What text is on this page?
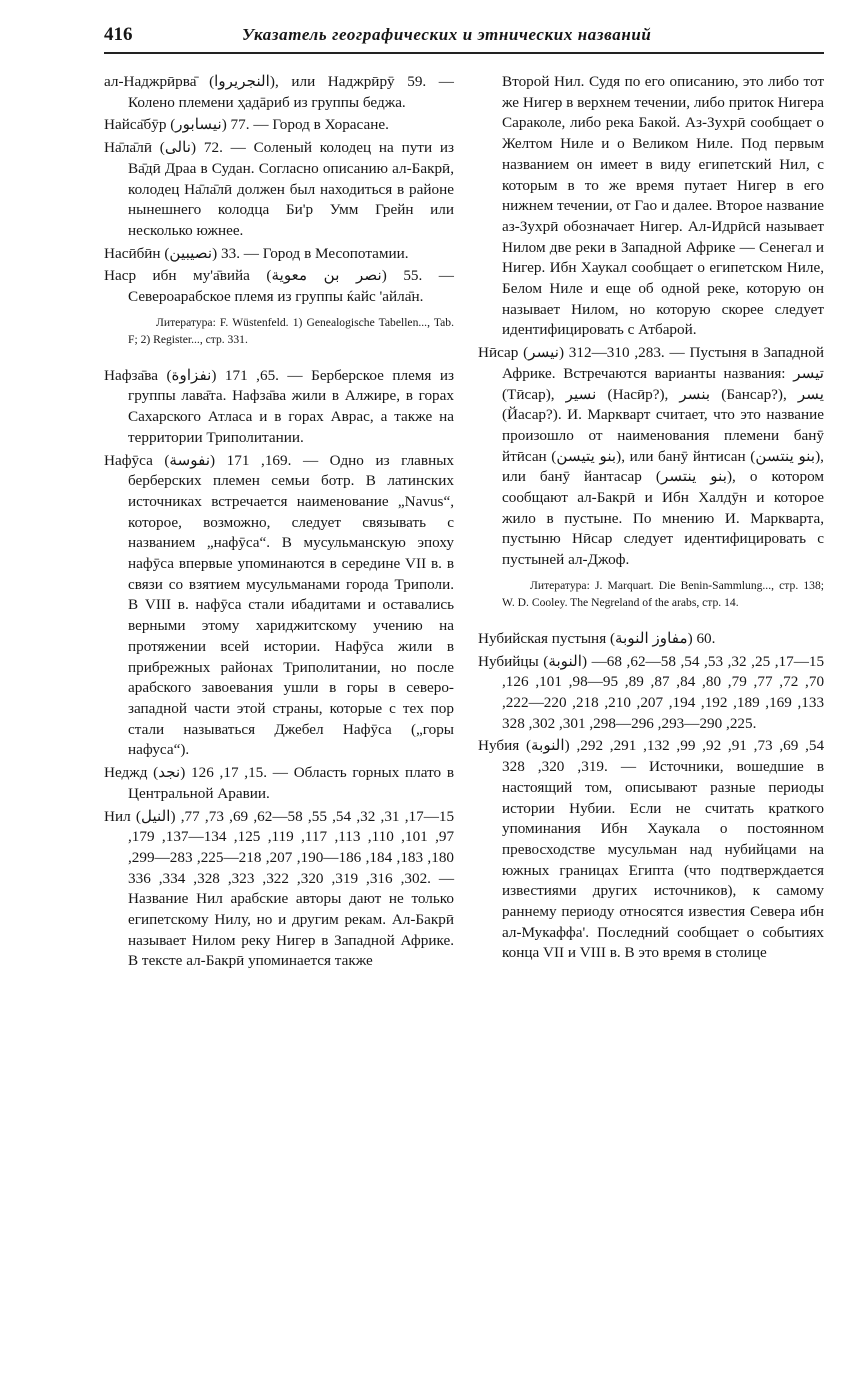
416	Указатель географических и этнических названий

ал-Наджрӣрва̄ (النجريروا), или Наджрӣрӯ 59. — Колено племени ҳадāриб из группы беджа.

Найса̄бӯр (نيسابور) 77. — Город в Хорасане.

На̄ла̄лӣ (نالى) 72. — Соленый колодец на пути из Ва̄дӣ Драа в Судан. Согласно описанию ал-Бакрӣ, колодец На̄ла̄лӣ должен был находиться в районе нынешнего колодца Би'р Умм Грейн или несколько южнее.

Насӣбӣн (نصيبين) 33. — Город в Месопотамии.

Наср ибн му'а̄вийа (نصر بن معوية) 55. — Североарабское племя из группы ќайс 'айла̄н.

Литература: F. Wüstenfeld. 1) Genealogische Tabellen..., Tab. F; 2) Register..., стр. 331.

Нафза̄ва (نفزاوة) 65, 171. — Берберское племя из группы лава̄та. Нафза̄ва жили в Алжире, в горах Сахарского Атласа и в горах Аврас, а также на территории Триполитании.

Нафӯса (نفوسة) 169, 171. — Одно из главных берберских племен семьи ботр. В латинских источниках встречается наименование „Navus“, которое, возможно, следует связывать с названием „нафӯса“. В мусульманскую эпоху нафӯса впервые упоминаются в середине VII в. в связи со взятием мусульманами города Триполи. В VIII в. нафӯса стали ибадитами и оставались верными этому хариджитскому учению на протяжении всей истории. Нафӯса жили в прибрежных районах Триполитании, но после арабского завоевания ушли в горы в северо-западной части этой страны, которые с тех пор стали называться Джебел Нафӯса („горы нафуса“).

Неджд (نجد) 15, 17, 126. — Область горных плато в Центральной Аравии.

Нил (النيل) 15—17, 31, 32, 54, 55, 58—62, 69, 73, 77, 97, 101, 110, 113, 117, 119, 125, 134—137, 179, 180, 183, 184, 186—190, 207, 218—225, 283—299, 302, 316, 319, 320, 322, 323, 328, 334, 336. — Название Нил арабские авторы дают не только египетскому Нилу, но и другим рекам. Ал-Бакрӣ называет Нилом реку Нигер в Западной Африке. В тексте ал-Бакрӣ упоминается также

Второй Нил. Судя по его описанию, это либо тот же Нигер в верхнем течении, либо приток Нигера Сараколе, либо река Бакой. Аз-Зухрӣ сообщает о Желтом Ниле и о Великом Ниле. Под первым названием он имеет в виду египетский Нил, с которым в то же время путает Нигер в его нижнем течении, от Гао и далее. Второе название аз-Зухрӣ обозначает Нигер. Ал-Идрӣсӣ называет Нилом две реки в Западной Африке — Сенегал и Нигер. Ибн Хаукал сообщает о египетском Ниле, Белом Ниле и еще об одной реке, которую он называет Нилом, но которую скорее следует идентифицировать с Атбарой.

Нӣсар (نيسر) 283, 310—312. — Пустыня в Западной Африке. Встречаются варианты названия: تيسر (Тӣсар), نسير (Насӣр?), بنسر (Бансар?), يسر (Йасар?). И. Маркварт считает, что это название произошло от наименования племени банӯ йтӣсан (بنو يتيسن), или банӯ йнтисан (بنو ينتسن), или банӯ йантасар (بنو ينتسر), о котором сообщают ал-Бакрӣ и Ибн Халдӯн и которое жило в пустыне. По мнению И. Маркварта, пустыню Нӣсар следует идентифицировать с пустыней ал-Джоф.

Литература: J. Marquart. Die Benin-Sammlung..., стр. 138; W. D. Cooley. The Negreland of the arabs, стр. 14.

Нубийская пустыня (مفاوز النوبة) 60.

Нубийцы (النوبة) 15—17, 25, 32, 53, 54, 58—62, 68—70, 72, 77, 79, 80, 84, 87, 89, 95—98, 101, 126, 133, 169, 189, 192, 194, 207, 210, 218, 220—222, 225, 290—293, 296—298, 301, 302, 328.

Нубия (النوبة) 54, 69, 73, 91, 92, 99, 132, 291, 292, 319, 320, 328. — Источники, вошедшие в настоящий том, описывают разные периоды истории Нубии. Если не считать краткого упоминания Ибн Хаукала о постоянном превосходстве мусульман над нубийцами на южных границах Египта (что подтверждается известиями других источников), к самому раннему периоду относятся известия Севера ибн ал-Мукаффа'. Последний сообщает о событиях конца VII и VIII в. В это время в столице
